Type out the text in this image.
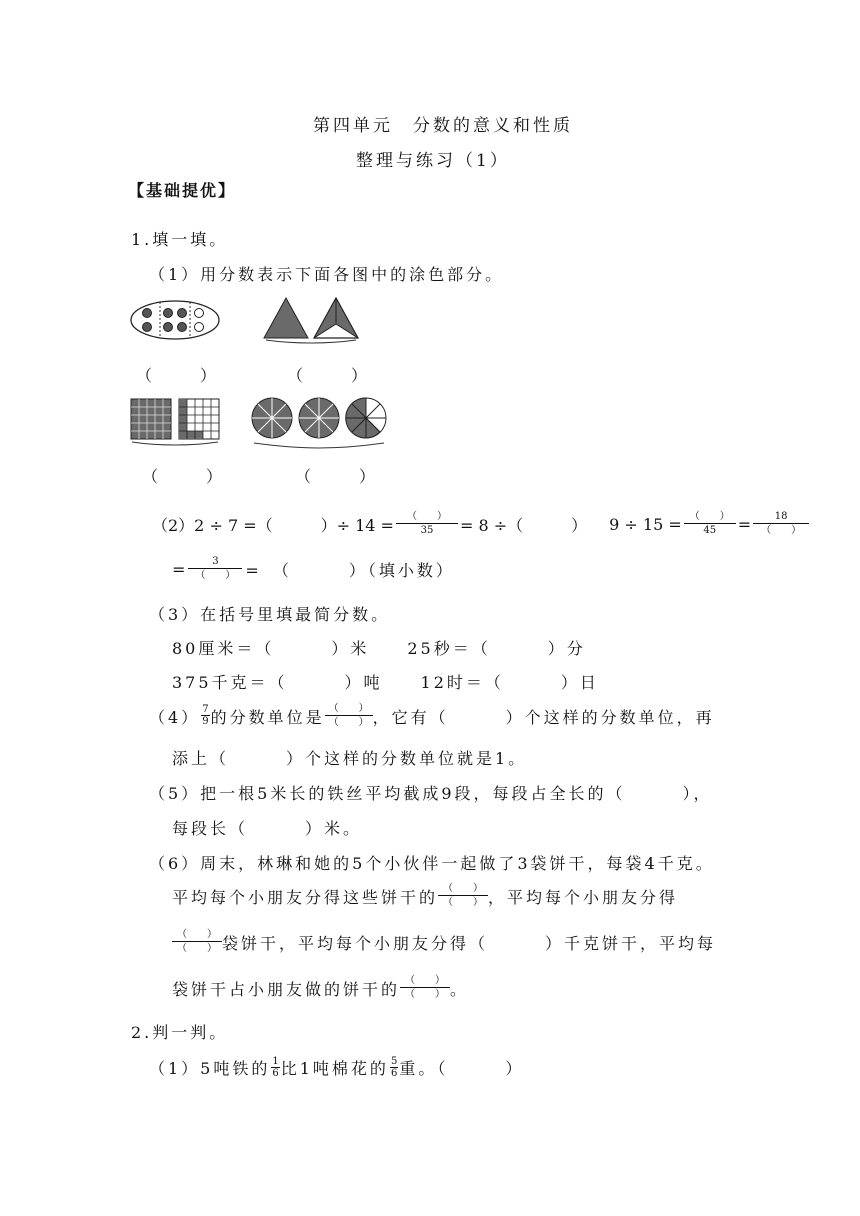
第四单元　分数的意义和性质
整理与练习（1）
【基础提优】
1.填一填。
（1）用分数表示下面各图中的涂色部分。
（　　　）	（　　　）
（　　　）	（　　　）
（2）2 ÷ 7 =（　　　）÷ $14 = \frac{( )}{35} = 8$ ÷（　　　） $9 \div 15 = \frac{( )}{45} = \frac{18}{( )}$
= $\frac{3}{( )}$ =　（　　　）（填小数）
（3）在括号里填最简分数。
80厘米＝（　　　）米　　25秒＝（　　　）分
375千克＝（　　　）吨　　12时＝（　　　）日
$(4) \frac{7}{9}$ 的分数单位是 $\frac{( )}{( )}$ ，它有（　　　）个这样的分数单位，再
添上（　　　）个这样的分数单位就是1。
（5）把一根5米长的铁丝平均截成9段，每段占全长的（　　　），
每段长（　　　）米。
（6）周末，林琳和她的5个小伙伴一起做了3袋饼干，每袋4千克。
平均每个小朋友分得这些饼干的 $\frac{( )}{( )}$ ，平均每个小朋友分得
$\frac{( )}{( )}$ 袋饼干，平均每个小朋友分得（　　　）千克饼干，平均每
袋饼干占小朋友做的饼干的 $\frac{( )}{( )}$ 。
2.判一判。
（1）5吨铁的 $\frac{1}{6}$ 比1吨棉花的 $\frac{5}{6}$ 重。（　　　）
